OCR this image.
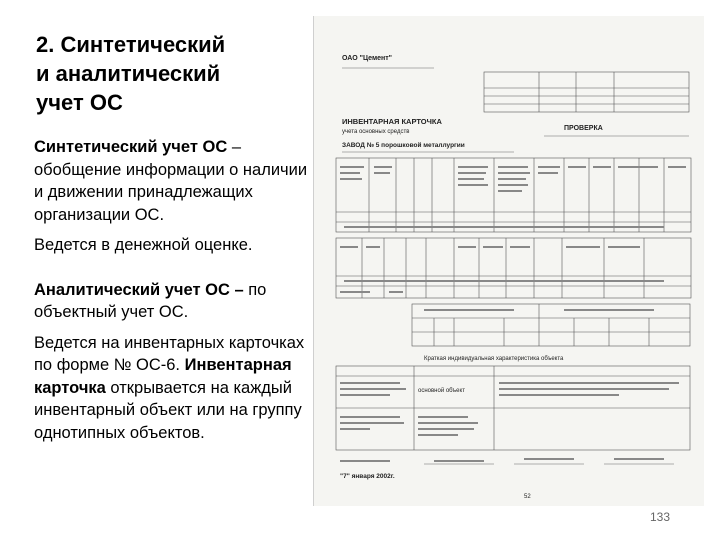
2. Синтетический
и аналитический
учет ОС

Синтетический учет ОС – обобщение информации о наличии и движении принадлежащих организации ОС.

Ведется в денежной оценке.

Аналитический учет ОС – по объектный учет ОС.

Ведется на инвентарных карточках по форме № ОС-6. Инвентарная карточка открывается на каждый инвентарный объект или на группу однотипных объектов.

133
ОАО "Цемент"
ИНВЕНТАРНАЯ КАРТОЧКА
учета основных средств	ПРОВЕРКА
ЗАВОД № 5 порошковой металлургии
Краткая индивидуальная характеристика объекта
основной объект
"7" января 2002г.
52
